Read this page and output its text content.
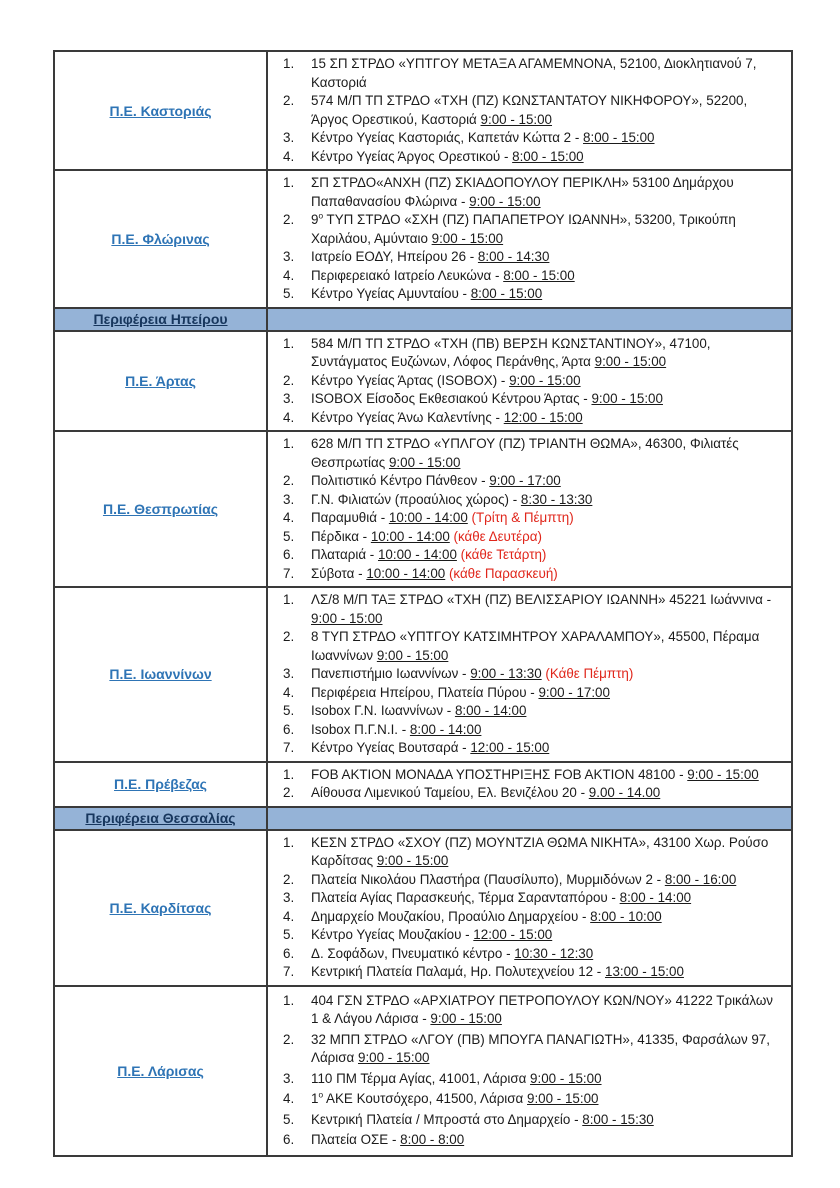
Π.Ε. Καστοριάς
1.	15 ΣΠ ΣΤΡΔΟ «ΥΠΤΓΟΥ ΜΕΤΑΞΑ ΑΓΑΜΕΜΝΟΝΑ, 52100, Διοκλητιανού 7, Καστοριά
2.	574 Μ/Π ΤΠ ΣΤΡΔΟ «ΤΧΗ (ΠΖ) ΚΩΝΣΤΑΝΤΑΤΟΥ ΝΙΚΗΦΟΡΟΥ», 52200, Άργος Ορεστικού, Καστοριά 9:00 - 15:00
3.	Κέντρο Υγείας Καστοριάς, Καπετάν Κώττα 2 - 8:00 - 15:00
4.	Κέντρο Υγείας Άργος Ορεστικού - 8:00 - 15:00
Π.Ε. Φλώρινας
1.	ΣΠ ΣΤΡΔΟ«ΑΝΧΗ (ΠΖ) ΣΚΙΑΔΟΠΟΥΛΟΥ ΠΕΡΙΚΛΗ» 53100 Δημάρχου Παπαθανασίου Φλώρινα - 9:00 - 15:00
2.	$9^o$ ΤΥΠ ΣΤΡΔΟ «ΣΧΗ (ΠΖ) ΠΑΠΑΠΕΤΡΟΥ ΙΩΑΝΝΗ», 53200, Τρικούπη Χαριλάου, Αμύνταιο 9:00 - 15:00
3.	Ιατρείο ΕΟΔΥ, Ηπείρου 26 - 8:00 - 14:30
4.	Περιφερειακό Ιατρείο Λευκώνα - 8:00 - 15:00
5.	Κέντρο Υγείας Αμυνταίου - 8:00 - 15:00
Περιφέρεια Ηπείρου
Π.Ε. Άρτας
1.	584 Μ/Π ΤΠ ΣΤΡΔΟ «ΤΧΗ (ΠΒ) ΒΕΡΣΗ ΚΩΝΣΤΑΝΤΙΝΟΥ», 47100, Συντάγματος Ευζώνων, Λόφος Περάνθης, Άρτα 9:00 - 15:00
2.	Κέντρο Υγείας Άρτας (ISOBOX) - 9:00 - 15:00
3.	ISOBOX Είσοδος Εκθεσιακού Κέντρου Άρτας - 9:00 - 15:00
4.	Κέντρο Υγείας Άνω Καλεντίνης - 12:00 - 15:00
Π.Ε. Θεσπρωτίας
1.	628 Μ/Π ΤΠ ΣΤΡΔΟ «ΥΠΛΓΟΥ (ΠΖ) ΤΡΙΑΝΤΗ ΘΩΜΑ», 46300, Φιλιατές Θεσπρωτίας 9:00 - 15:00
2.	Πολιτιστικό Κέντρο Πάνθεον - 9:00 - 17:00
3.	Γ.Ν. Φιλιατών (προαύλιος χώρος) - 8:30 - 13:30
4.	Παραμυθιά - 10:00 - 14:00 (Τρίτη & Πέμπτη)
5.	Πέρδικα - 10:00 - 14:00 (κάθε Δευτέρα)
6.	Πλαταριά - 10:00 - 14:00 (κάθε Τετάρτη)
7.	Σύβοτα - 10:00 - 14:00 (κάθε Παρασκευή)
Π.Ε. Ιωαννίνων
1.	ΛΣ/8 Μ/Π ΤΑΞ ΣΤΡΔΟ «ΤΧΗ (ΠΖ) ΒΕΛΙΣΣΑΡΙΟΥ ΙΩΑΝΝΗ» 45221 Ιωάννινα - 9:00 - 15:00
2.	8 ΤΥΠ ΣΤΡΔΟ «ΥΠΤΓΟΥ ΚΑΤΣΙΜΗΤΡΟΥ ΧΑΡΑΛΑΜΠΟΥ», 45500, Πέραμα Ιωαννίνων 9:00 - 15:00
3.	Πανεπιστήμιο Ιωαννίνων - 9:00 - 13:30 (Κάθε Πέμπτη)
4.	Περιφέρεια Ηπείρου, Πλατεία Πύρου - 9:00 - 17:00
5.	Isobox Γ.Ν. Ιωαννίνων - 8:00 - 14:00
6.	Isobox Π.Γ.Ν.Ι. - 8:00 - 14:00
7.	Κέντρο Υγείας Βουτσαρά - 12:00 - 15:00
Π.Ε. Πρέβεζας
1.	FOB AKTION ΜΟΝΑΔΑ ΥΠΟΣΤΗΡΙΞΗΣ FOB AKTION 48100 - 9:00 - 15:00
2.	Αίθουσα Λιμενικού Ταμείου, Ελ. Βενιζέλου 20 - 9.00 - 14.00
Περιφέρεια Θεσσαλίας
Π.Ε. Καρδίτσας
1.	ΚΕΣΝ ΣΤΡΔΟ «ΣΧΟΥ (ΠΖ) ΜΟΥΝΤΖΙΑ ΘΩΜΑ ΝΙΚΗΤΑ», 43100 Χωρ. Ρούσο Καρδίτσας 9:00 - 15:00
2.	Πλατεία Νικολάου Πλαστήρα (Παυσίλυπο), Μυρμιδόνων 2 - 8:00 - 16:00
3.	Πλατεία Αγίας Παρασκευής, Τέρμα Σαρανταπόρου - 8:00 - 14:00
4.	Δημαρχείο Μουζακίου, Προαύλιο Δημαρχείου - 8:00 - 10:00
5.	Κέντρο Υγείας Μουζακίου - 12:00 - 15:00
6.	Δ. Σοφάδων, Πνευματικό κέντρο - 10:30 - 12:30
7.	Κεντρική Πλατεία Παλαμά, Ηρ. Πολυτεχνείου 12 - 13:00 - 15:00
Π.Ε. Λάρισας
1.	404 ΓΣΝ ΣΤΡΔΟ «ΑΡΧΙΑΤΡΟΥ ΠΕΤΡΟΠΟΥΛΟΥ ΚΩΝ/ΝΟΥ» 41222 Τρικάλων 1 & Λάγου Λάρισα - 9:00 - 15:00
2.	32 ΜΠΠ ΣΤΡΔΟ «ΛΓΟΥ (ΠΒ) ΜΠΟΥΓΑ ΠΑΝΑΓΙΩΤΗ», 41335, Φαρσάλων 97, Λάρισα 9:00 - 15:00
3.	110 ΠΜ Τέρμα Αγίας, 41001, Λάρισα 9:00 - 15:00
4.	$1^o$ ΑΚΕ Κουτσόχερο, 41500, Λάρισα 9:00 - 15:00
5.	Κεντρική Πλατεία / Μπροστά στο Δημαρχείο - 8:00 - 15:30
6.	Πλατεία ΟΣΕ - 8:00 - 8:00
